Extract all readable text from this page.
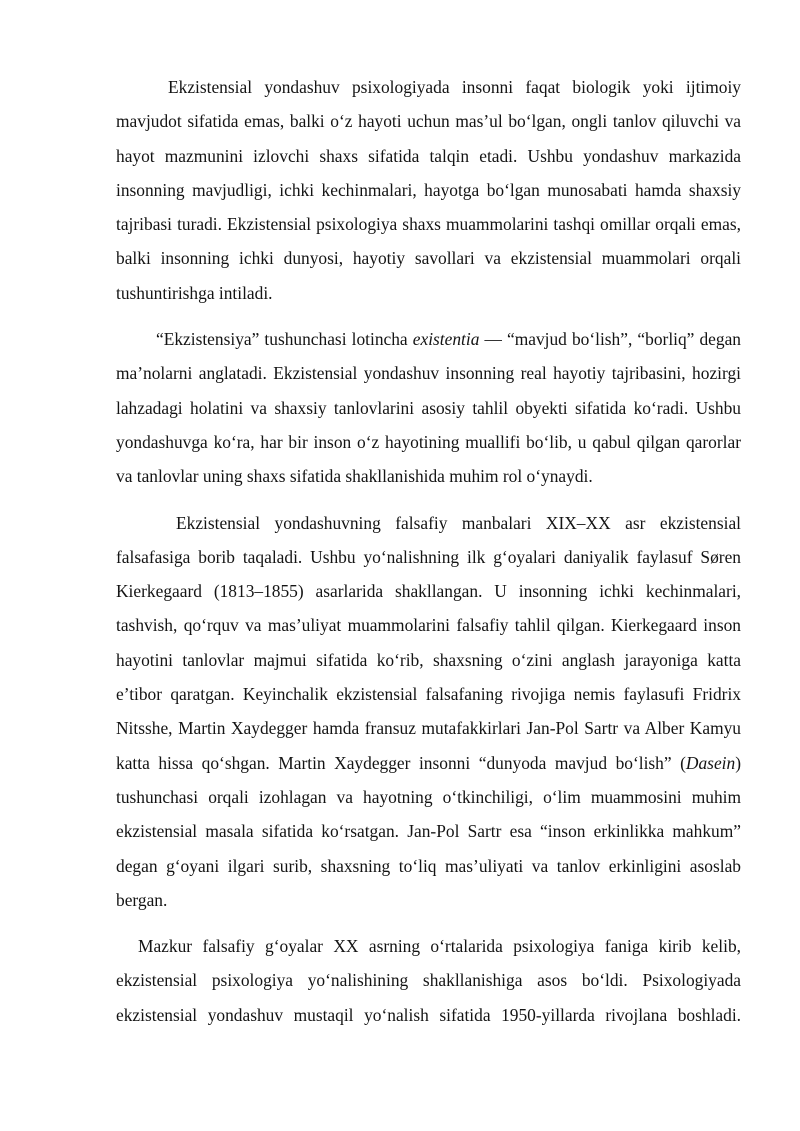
Ekzistensial yondashuv psixologiyada insonni faqat biologik yoki ijtimoiy mavjudot sifatida emas, balki o‘z hayoti uchun mas’ul bo‘lgan, ongli tanlov qiluvchi va hayot mazmunini izlovchi shaxs sifatida talqin etadi. Ushbu yondashuv markazida insonning mavjudligi, ichki kechinmalari, hayotga bo‘lgan munosabati hamda shaxsiy tajribasi turadi. Ekzistensial psixologiya shaxs muammolarini tashqi omillar orqali emas, balki insonning ichki dunyosi, hayotiy savollari va ekzistensial muammolari orqali tushuntirishga intiladi.

“Ekzistensiya” tushunchasi lotincha existentia — “mavjud bo‘lish”, “borliq” degan ma’nolarni anglatadi. Ekzistensial yondashuv insonning real hayotiy tajribasini, hozirgi lahzadagi holatini va shaxsiy tanlovlarini asosiy tahlil obyekti sifatida ko‘radi. Ushbu yondashuvga ko‘ra, har bir inson o‘z hayotining muallifi bo‘lib, u qabul qilgan qarorlar va tanlovlar uning shaxs sifatida shakllanishida muhim rol o‘ynaydi.

Ekzistensial yondashuvning falsafiy manbalari XIX–XX asr ekzistensial falsafasiga borib taqaladi. Ushbu yo‘nalishning ilk g‘oyalari daniyalik faylasuf Søren Kierkegaard (1813–1855) asarlarida shakllangan. U insonning ichki kechinmalari, tashvish, qo‘rquv va mas’uliyat muammolarini falsafiy tahlil qilgan. Kierkegaard inson hayotini tanlovlar majmui sifatida ko‘rib, shaxsning o‘zini anglash jarayoniga katta e’tibor qaratgan. Keyinchalik ekzistensial falsafaning rivojiga nemis faylasufi Fridrix Nitsshe, Martin Xaydegger hamda fransuz mutafakkirlari Jan-Pol Sartr va Alber Kamyu katta hissa qo‘shgan. Martin Xaydegger insonni “dunyoda mavjud bo‘lish” (Dasein) tushunchasi orqali izohlagan va hayotning o‘tkinchiligi, o‘lim muammosini muhim ekzistensial masala sifatida ko‘rsatgan. Jan-Pol Sartr esa “inson erkinlikka mahkum” degan g‘oyani ilgari surib, shaxsning to‘liq mas’uliyati va tanlov erkinligini asoslab bergan.

Mazkur falsafiy g‘oyalar XX asrning o‘rtalarida psixologiya faniga kirib kelib, ekzistensial psixologiya yo‘nalishining shakllanishiga asos bo‘ldi. Psixologiyada ekzistensial yondashuv mustaqil yo‘nalish sifatida 1950-yillarda rivojlana boshladi.
